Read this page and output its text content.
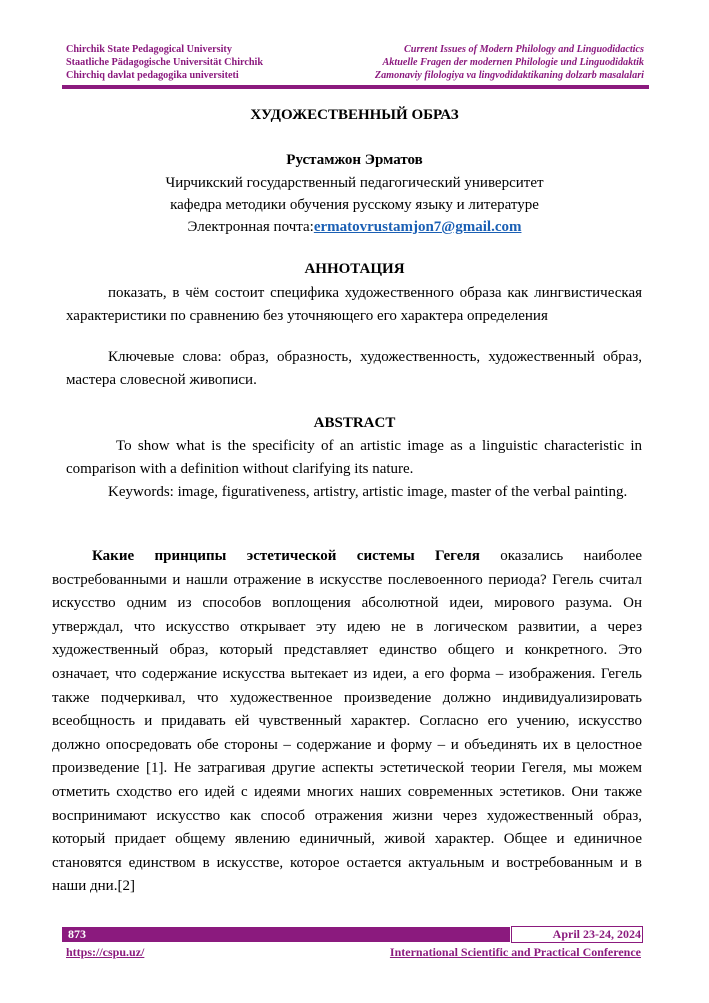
Chirchik State Pedagogical University	Current Issues of Modern Philology and Linguodidactics
Staatliche Pädagogische Universität Chirchik	Aktuelle Fragen der modernen Philologie und Linguodidaktik
Chirchiq davlat pedagogika universiteti	Zamonaviy filologiya va lingvodidaktikaning dolzarb masalalari
ХУДОЖЕСТВЕННЫЙ ОБРАЗ
Рустамжон Эрматов
Чирчикский государственный педагогический университет
кафедра методики обучения русскому языку и литературе
Электронная почта:ermatovrustamjon7@gmail.com
АННОТАЦИЯ
показать, в чём состоит специфика художественного образа как лингвистическая характеристики по сравнению без уточняющего его характера определения
Ключевые слова: образ, образность, художественность, художественный образ, мастера словесной живописи.
ABSTRACT
To show what is the specificity of an artistic image as a linguistic characteristic in comparison with a definition without clarifying its nature.
Keywords: image, figurativeness, artistry, artistic image, master of the verbal painting.
Какие принципы эстетической системы Гегеля оказались наиболее востребованными и нашли отражение в искусстве послевоенного периода? Гегель считал искусство одним из способов воплощения абсолютной идеи, мирового разума. Он утверждал, что искусство открывает эту идею не в логическом развитии, а через художественный образ, который представляет единство общего и конкретного. Это означает, что содержание искусства вытекает из идеи, а его форма – изображения. Гегель также подчеркивал, что художественное произведение должно индивидуализировать всеобщность и придавать ей чувственный характер. Согласно его учению, искусство должно опосредовать обе стороны – содержание и форму – и объединять их в целостное произведение [1]. Не затрагивая другие аспекты эстетической теории Гегеля, мы можем отметить сходство его идей с идеями многих наших современных эстетиков. Они также воспринимают искусство как способ отражения жизни через художественный образ, который придает общему явлению единичный, живой характер. Общее и единичное становятся единством в искусстве, которое остается актуальным и востребованным и в наши дни.[2]
873	April 23-24, 2024
https://cspu.uz/	International Scientific and Practical Conference
